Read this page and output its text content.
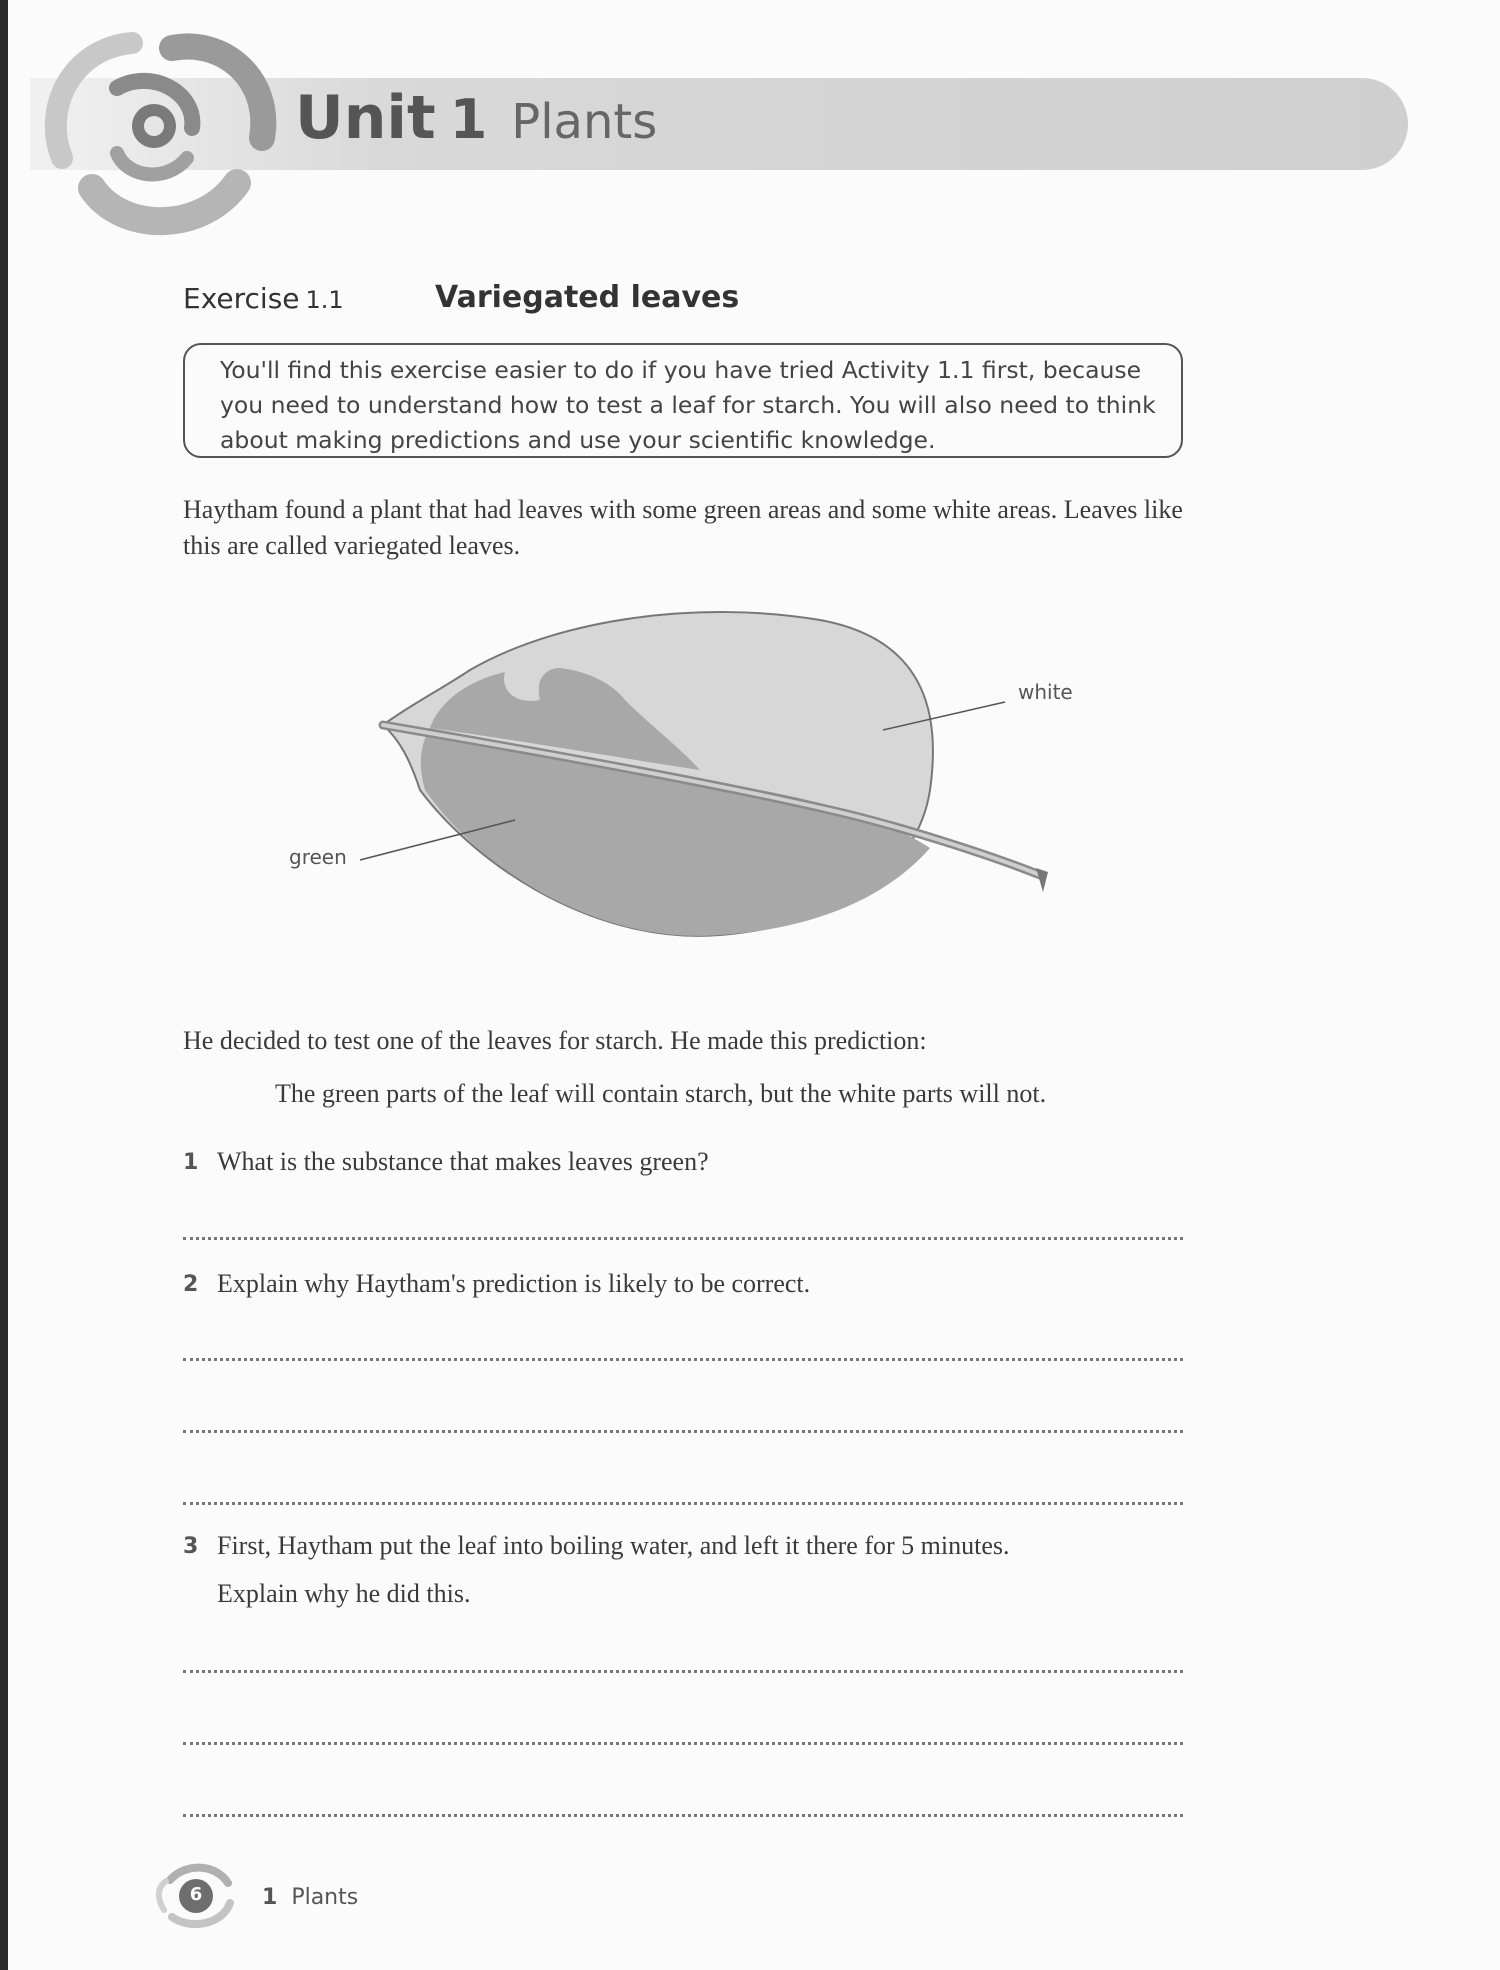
Unit 1 Plants
Exercise 1.1	Variegated leaves

You'll find this exercise easier to do if you have tried Activity 1.1 first, because you need to understand how to test a leaf for starch. You will also need to think about making predictions and use your scientific knowledge.

Haytham found a plant that had leaves with some green areas and some white areas. Leaves like this are called variegated leaves.

white
green

He decided to test one of the leaves for starch. He made this prediction:

The green parts of the leaf will contain starch, but the white parts will not.

1 What is the substance that makes leaves green?

2 Explain why Haytham's prediction is likely to be correct.

3 First, Haytham put the leaf into boiling water, and left it there for 5 minutes.

Explain why he did this.

6	1 Plants
